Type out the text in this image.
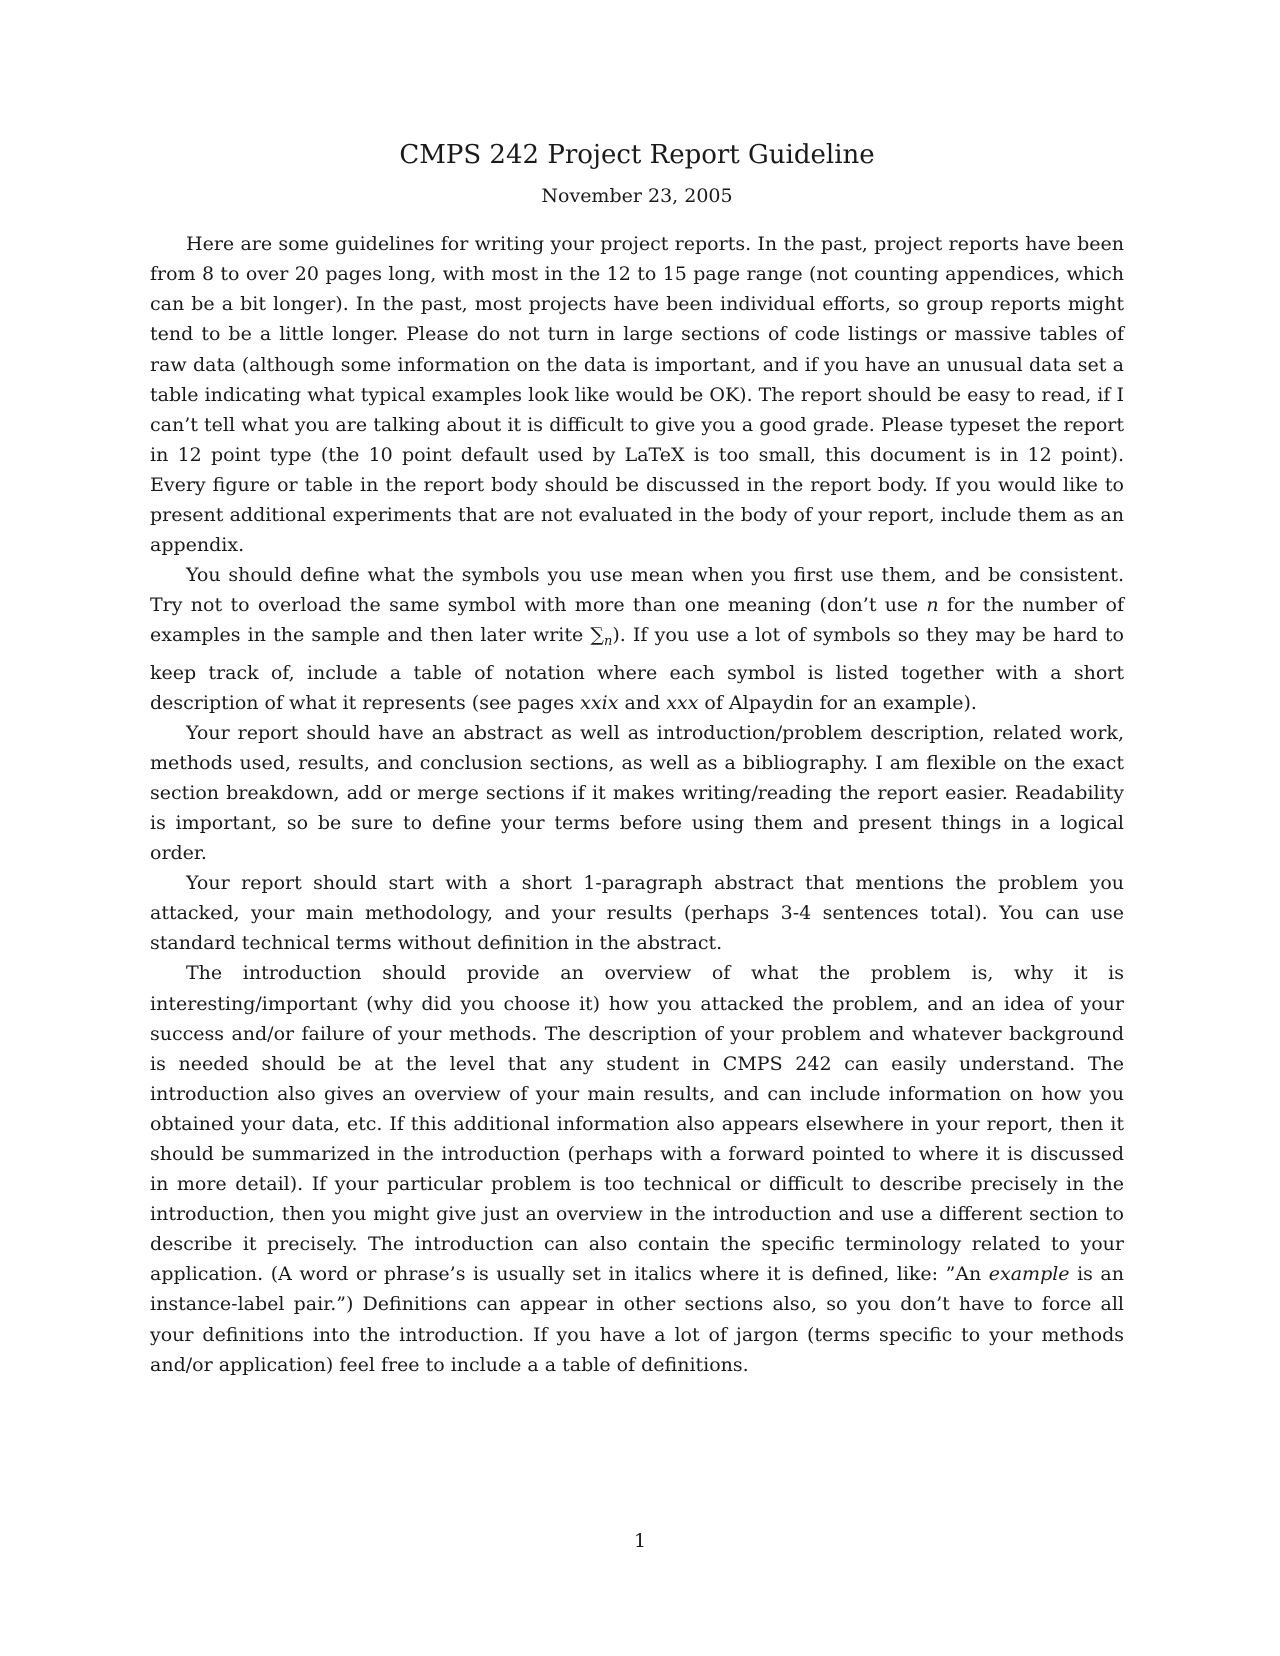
CMPS 242 Project Report Guideline
November 23, 2005

Here are some guidelines for writing your project reports. In the past, project reports have been from 8 to over 20 pages long, with most in the 12 to 15 page range (not counting appendices, which can be a bit longer). In the past, most projects have been individual efforts, so group reports might tend to be a little longer. Please do not turn in large sections of code listings or massive tables of raw data (although some information on the data is important, and if you have an unusual data set a table indicating what typical examples look like would be OK). The report should be easy to read, if I can’t tell what you are talking about it is difficult to give you a good grade. Please typeset the report in 12 point type (the 10 point default used by LaTeX is too small, this document is in 12 point). Every figure or table in the report body should be discussed in the report body. If you would like to present additional experiments that are not evaluated in the body of your report, include them as an appendix.

You should define what the symbols you use mean when you first use them, and be consistent. Try not to overload the same symbol with more than one meaning (don’t use n for the number of examples in the sample and then later write $\sum_n$). If you use a lot of symbols so they may be hard to keep track of, include a table of notation where each symbol is listed together with a short description of what it represents (see pages xxix and xxx of Alpaydin for an example).

Your report should have an abstract as well as introduction/problem description, related work, methods used, results, and conclusion sections, as well as a bibliography. I am flexible on the exact section breakdown, add or merge sections if it makes writing/reading the report easier. Readability is important, so be sure to define your terms before using them and present things in a logical order.

Your report should start with a short 1-paragraph abstract that mentions the problem you attacked, your main methodology, and your results (perhaps 3-4 sentences total). You can use standard technical terms without definition in the abstract.

The introduction should provide an overview of what the problem is, why it is interesting/important (why did you choose it) how you attacked the problem, and an idea of your success and/or failure of your methods. The description of your problem and whatever background is needed should be at the level that any student in CMPS 242 can easily understand. The introduction also gives an overview of your main results, and can include information on how you obtained your data, etc. If this additional information also appears elsewhere in your report, then it should be summarized in the introduction (perhaps with a forward pointed to where it is discussed in more detail). If your particular problem is too technical or difficult to describe precisely in the introduction, then you might give just an overview in the introduction and use a different section to describe it precisely. The introduction can also contain the specific terminology related to your application. (A word or phrase’s is usually set in italics where it is defined, like: ”An example is an instance-label pair.”) Definitions can appear in other sections also, so you don’t have to force all your definitions into the introduction. If you have a lot of jargon (terms specific to your methods and/or application) feel free to include a a table of definitions.

1
